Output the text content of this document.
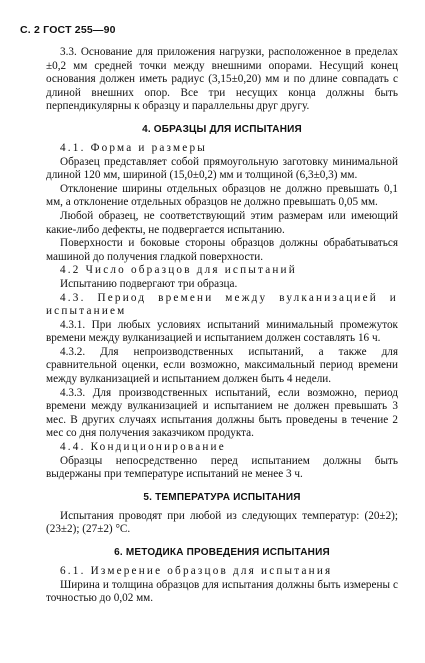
С. 2 ГОСТ 255—90

3.3. Основание для приложения нагрузки, расположенное в пределах ±0,2 мм средней точки между внешними опорами. Несущий конец основания должен иметь радиус (3,15±0,20) мм и по длине совпадать с длиной внешних опор. Все три несущих конца должны быть перпендикулярны к образцу и параллельны друг другу.

4. ОБРАЗЦЫ ДЛЯ ИСПЫТАНИЯ

4.1. Форма и размеры

Образец представляет собой прямоугольную заготовку минимальной длиной 120 мм, шириной (15,0±0,2) мм и толщиной (6,3±0,3) мм.

Отклонение ширины отдельных образцов не должно превышать 0,1 мм, а отклонение отдельных образцов не должно превышать 0,05 мм.

Любой образец, не соответствующий этим размерам или имеющий какие-либо дефекты, не подвергается испытанию.

Поверхности и боковые стороны образцов должны обрабатываться машиной до получения гладкой поверхности.

4.2 Число образцов для испытаний

Испытанию подвергают три образца.

4.3. Период времени между вулканизацией и испытанием

4.3.1. При любых условиях испытаний минимальный промежуток времени между вулканизацией и испытанием должен составлять 16 ч.

4.3.2. Для непроизводственных испытаний, а также для сравнительной оценки, если возможно, максимальный период времени между вулканизацией и испытанием должен быть 4 недели.

4.3.3. Для производственных испытаний, если возможно, период времени между вулканизацией и испытанием не должен превышать 3 мес. В других случаях испытания должны быть проведены в течение 2 мес со дня получения заказчиком продукта.

4.4. Кондиционирование

Образцы непосредственно перед испытанием должны быть выдержаны при температуре испытаний не менее 3 ч.

5. ТЕМПЕРАТУРА ИСПЫТАНИЯ

Испытания проводят при любой из следующих температур: (20±2); (23±2); (27±2) °С.

6. МЕТОДИКА ПРОВЕДЕНИЯ ИСПЫТАНИЯ

6.1. Измерение образцов для испытания

Ширина и толщина образцов для испытания должны быть измерены с точностью до 0,02 мм.
